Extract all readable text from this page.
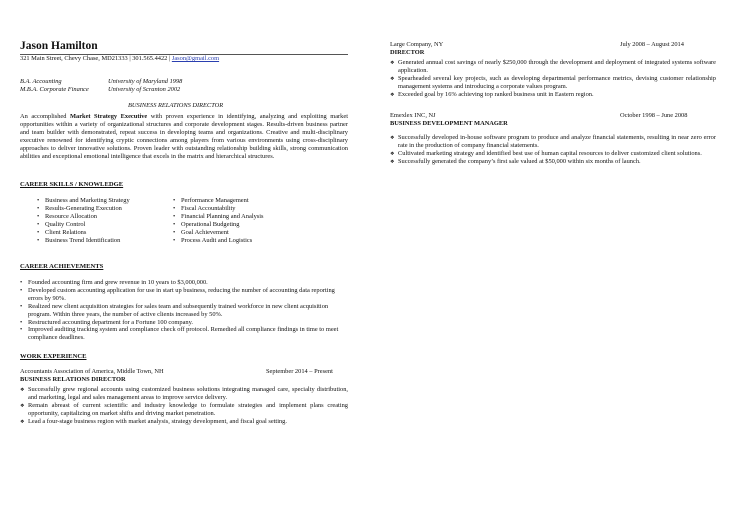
Jason Hamilton
321 Main Street, Chevy Chase, MD21333 | 301.565.4422 | Jason@gmail.com
B.A. Accounting	University of Maryland 1998
M.B.A. Corporate Finance	University of Scranton 2002
BUSINESS RELATIONS DIRECTOR
An accomplished Market Strategy Executive with proven experience in identifying, analyzing and exploiting market opportunities within a variety of organizational structures and corporate development stages. Results-driven business partner and team builder with demonstrated, repeat success in developing teams and organizations. Creative and multi-disciplinary executive renowned for identifying cryptic connections among players from various environments using cross-disciplinary approaches to deliver innovative solutions. Proven leader with outstanding relationship building skills, strong communication abilities and exceptional emotional intelligence that excels in the matrix and hierarchical structures.
CAREER SKILLS / KNOWLEDGE
• Business and Marketing Strategy
• Results-Generating Execution
• Resource Allocation
• Quality Control
• Client Relations
• Business Trend Identification
• Performance Management
• Fiscal Accountability
• Financial Planning and Analysis
• Operational Budgeting
• Goal Achievement
• Process Audit and Logistics
CAREER ACHIEVEMENTS
• Founded accounting firm and grew revenue in 10 years to $3,000,000.
• Developed custom accounting application for use in start up business, reducing the number of accounting data reporting errors by 90%.
• Realized new client acquisition strategies for sales team and subsequently trained workforce in new client acquisition program. Within three years, the number of active clients increased by 50%.
• Restructured accounting department for a Fortune 100 company.
• Improved auditing tracking system and compliance check off protocol. Remedied all compliance findings in time to meet compliance deadlines.
WORK EXPERIENCE
Accountants Association of America, Middle Town, NH	September 2014 – Present
BUSINESS RELATIONS DIRECTOR
❖ Successfully grew regional accounts using customized business solutions integrating managed care, specialty distribution, and marketing, legal and sales management areas to improve service delivery.
❖ Remain abreast of current scientific and industry knowledge to formulate strategies and implement plans creating opportunity, capitalizing on market shifts and driving market penetration.
❖ Lead a four-stage business region with market analysis, strategy development, and fiscal goal setting.
Large Company, NY	July 2008 – August 2014
DIRECTOR
❖ Generated annual cost savings of nearly $250,000 through the development and deployment of integrated systems software application.
❖ Spearheaded several key projects, such as developing departmental performance metrics, devising customer relationship management systems and introducing a corporate values program.
❖ Exceeded goal by 16% achieving top ranked business unit in Eastern region.
Emexlex INC, NJ	October 1998 – June 2008
BUSINESS DEVELOPMENT MANAGER
❖ Successfully developed in-house software program to produce and analyze financial statements, resulting in near zero error rate in the production of company financial statements.
❖ Cultivated marketing strategy and identified best use of human capital resources to deliver customized client solutions.
❖ Successfully generated the company’s first sale valued at $50,000 within six months of launch.
